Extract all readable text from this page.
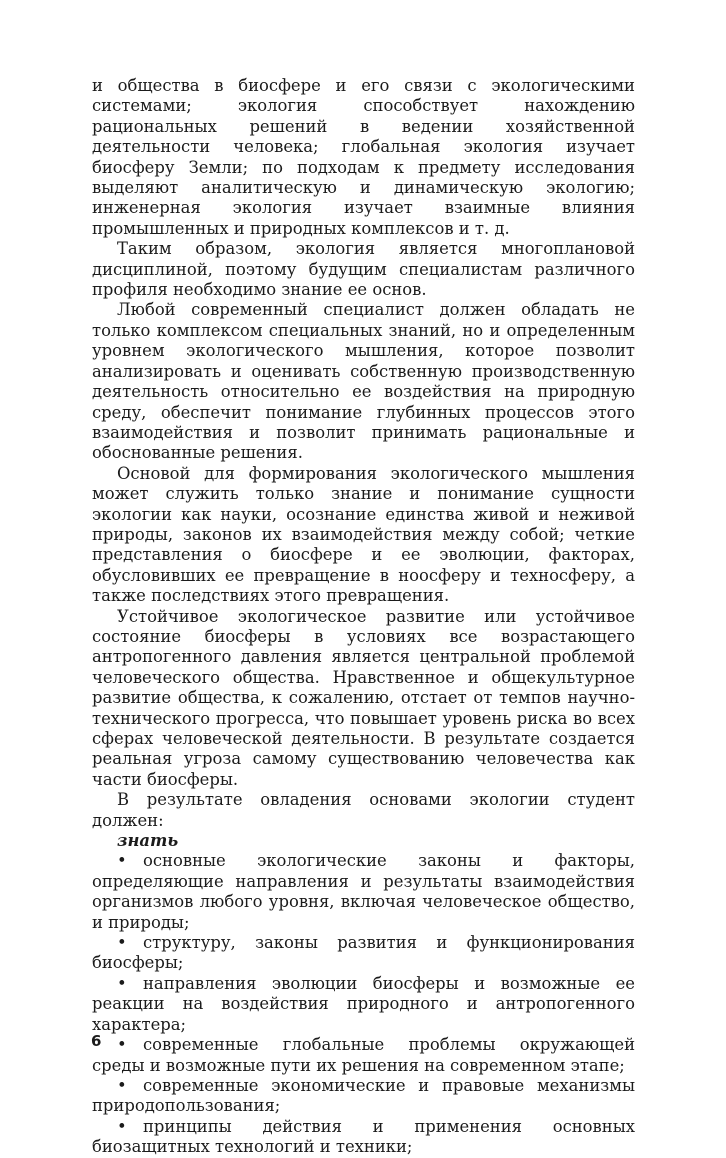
и общества в биосфере и его связи с экологическими системами; экология способствует нахождению рациональных решений в ведении хозяйственной деятельности человека; глобальная экология изучает биосферу Земли; по подходам к предмету исследования выделяют аналитическую и динамическую экологию; инженерная экология изучает взаимные влияния промышленных и природных комплексов и т. д.

Таким образом, экология является многоплановой дисциплиной, поэтому будущим специалистам различного профиля необходимо знание ее основ.

Любой современный специалист должен обладать не только комплексом специальных знаний, но и определенным уровнем экологического мышления, которое позволит анализировать и оценивать собственную производственную деятельность относительно ее воздействия на природную среду, обеспечит понимание глубинных процессов этого взаимодействия и позволит принимать рациональные и обоснованные решения.

Основой для формирования экологического мышления может служить только знание и понимание сущности экологии как науки, осознание единства живой и неживой природы, законов их взаимодействия между собой; четкие представления о биосфере и ее эволюции, факторах, обусловивших ее превращение в ноосферу и техносферу, а также последствиях этого превращения.

Устойчивое экологическое развитие или устойчивое состояние биосферы в условиях все возрастающего антропогенного давления является центральной проблемой человеческого общества. Нравственное и общекультурное развитие общества, к сожалению, отстает от темпов научно-технического прогресса, что повышает уровень риска во всех сферах человеческой деятельности. В результате создается реальная угроза самому существованию человечества как части биосферы.

В результате овладения основами экологии студент должен:

знать

• основные экологические законы и факторы, определяющие направления и результаты взаимодействия организмов любого уровня, включая человеческое общество, и природы;
• структуру, законы развития и функционирования биосферы;
• направления эволюции биосферы и возможные ее реакции на воздействия природного и антропогенного характера;
• современные глобальные проблемы окружающей среды и возможные пути их решения на современном этапе;
• современные экономические и правовые механизмы природопользования;
• принципы действия и применения основных биозащитных технологий и техники;
6
